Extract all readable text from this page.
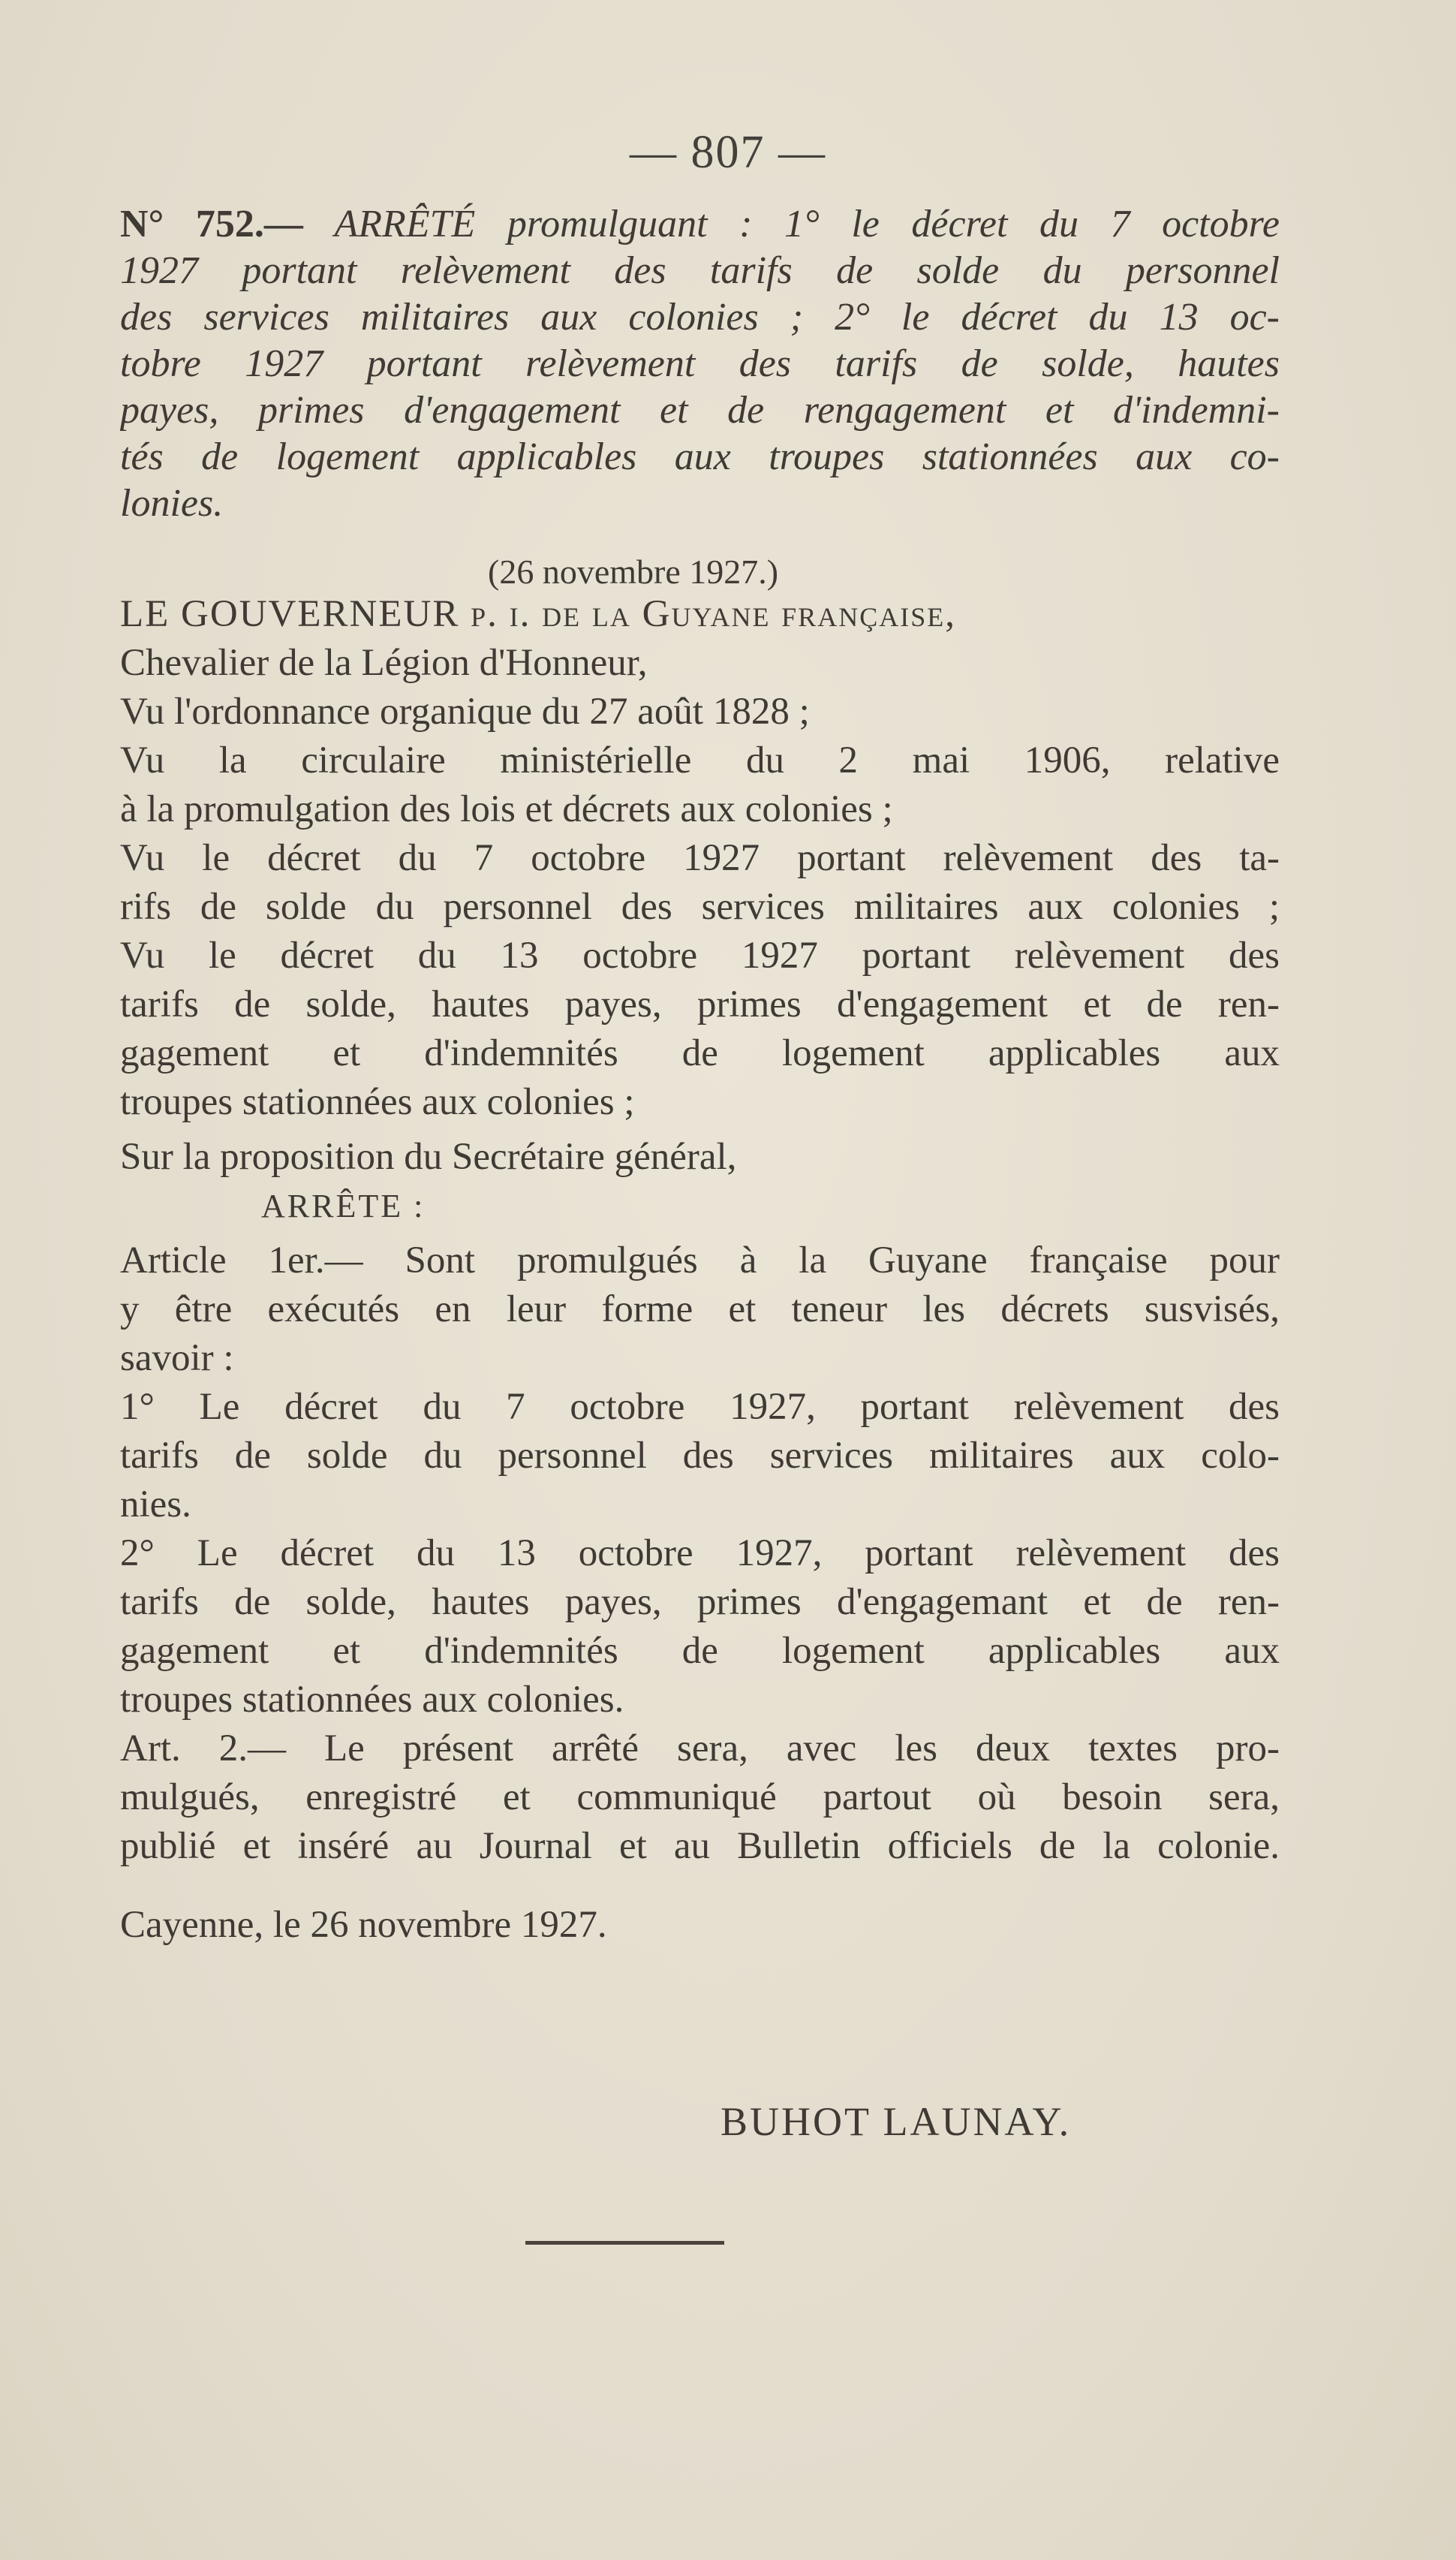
— 807 —
N° 752.— ARRÊTÉ promulguant : 1° le décret du 7 octobre
1927 portant relèvement des tarifs de solde du personnel
des services militaires aux colonies ; 2° le décret du 13 oc-
tobre 1927 portant relèvement des tarifs de solde, hautes
payes, primes d'engagement et de rengagement et d'indemni-
tés de logement applicables aux troupes stationnées aux co-
lonies.
(26 novembre 1927.)
LE GOUVERNEUR p. i. de la Guyane française,
Chevalier de la Légion d'Honneur,
Vu l'ordonnance organique du 27 août 1828 ;
Vu la circulaire ministérielle du 2 mai 1906, relative
à la promulgation des lois et décrets aux colonies ;
Vu le décret du 7 octobre 1927 portant relèvement des ta-
rifs de solde du personnel des services militaires aux colonies ;
Vu le décret du 13 octobre 1927 portant relèvement des
tarifs de solde, hautes payes, primes d'engagement et de ren-
gagement et d'indemnités de logement applicables aux
troupes stationnées aux colonies ;
Sur la proposition du Secrétaire général,
ARRÊTE :
Article 1er.— Sont promulgués à la Guyane française pour
y être exécutés en leur forme et teneur les décrets susvisés,
savoir :
1° Le décret du 7 octobre 1927, portant relèvement des
tarifs de solde du personnel des services militaires aux colo-
nies.
2° Le décret du 13 octobre 1927, portant relèvement des
tarifs de solde, hautes payes, primes d'engagemant et de ren-
gagement et d'indemnités de logement applicables aux
troupes stationnées aux colonies.
Art. 2.— Le présent arrêté sera, avec les deux textes pro-
mulgués, enregistré et communiqué partout où besoin sera,
publié et inséré au Journal et au Bulletin officiels de la colonie.
Cayenne, le 26 novembre 1927.
BUHOT LAUNAY.
